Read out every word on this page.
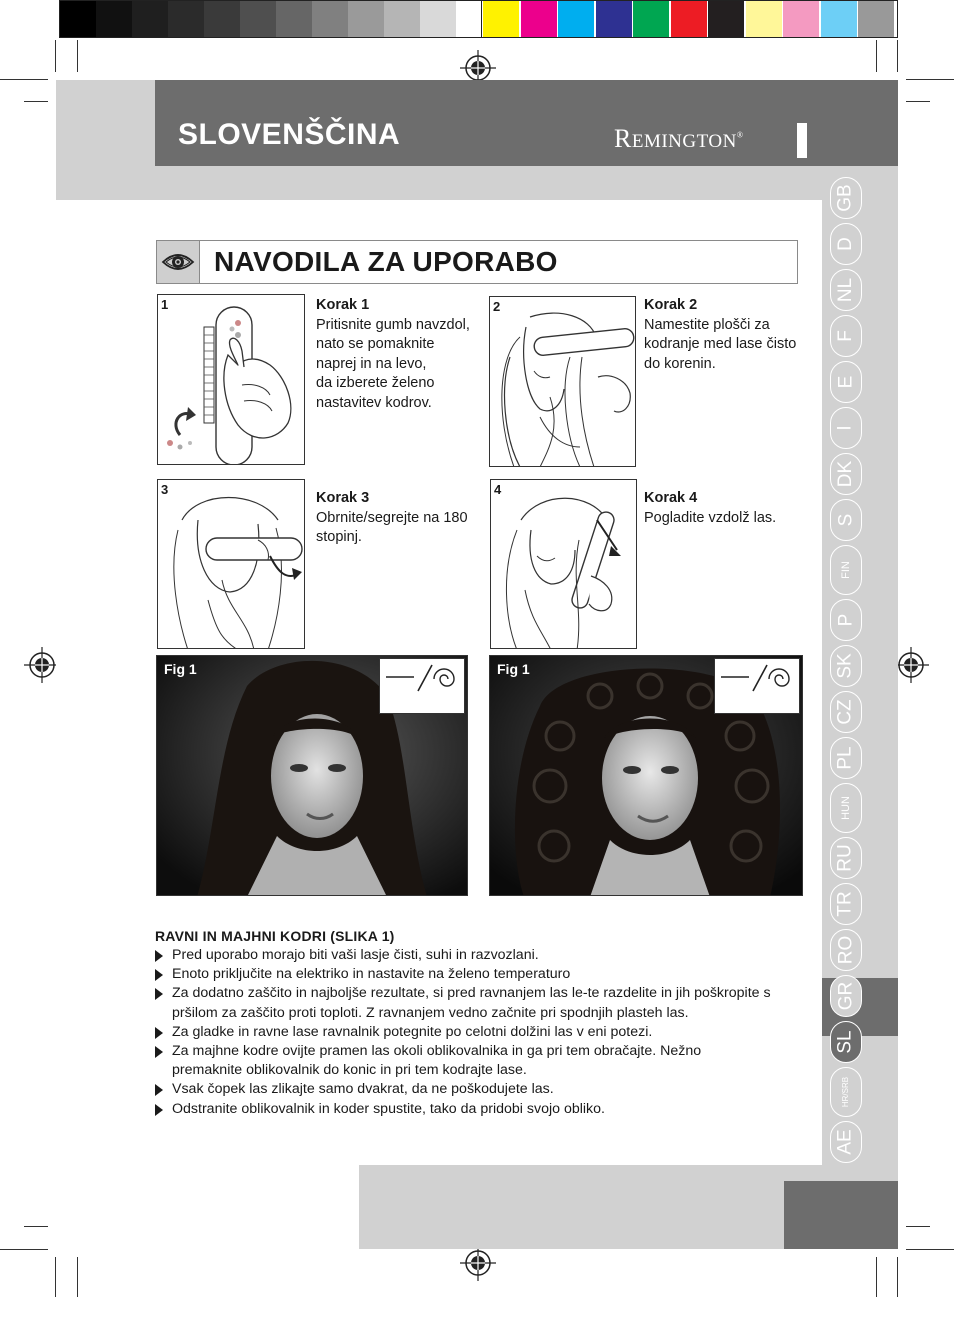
SLOVENŠČINA	REMINGTON®
GB
D
NL
F
E
I
DK
S
FIN
P
SK
CZ
PL
HUN
RU
TR
RO
GR
SL
HR/SRB
AE
NAVODILA ZA UPORABO
1	Korak 1
Pritisnite gumb navzdol,
nato se pomaknite
naprej in na levo,
da izberete želeno
nastavitev kodrov.
2	Korak 2
Namestite plošči za
kodranje med lase čisto
do korenin.
3
Korak 3
Obrnite/segrejte na 180
stopinj.
4
Korak 4
Pogladite vzdolž las.
Fig 1	Fig 1
RAVNI IN MAJHNI KODRI (SLIKA 1)
Pred uporabo morajo biti vaši lasje čisti, suhi in razvozlani.
Enoto priključite na elektriko in nastavite na želeno temperaturo
Za dodatno zaščito in najboljše rezultate, si pred ravnanjem las le-te razdelite in jih poškropite s pršilom za zaščito proti toploti. Z ravnanjem vedno začnite pri spodnjih plasteh las.
Za gladke in ravne lase ravnalnik potegnite po celotni dolžini las v eni potezi.
Za majhne kodre ovijte pramen las okoli oblikovalnika in ga pri tem obračajte. Nežno premaknite oblikovalnik do konic in pri tem kodrajte lase.
Vsak čopek las zlikajte samo dvakrat, da ne poškodujete las.
Odstranite oblikovalnik in koder spustite, tako da pridobi svojo obliko.
